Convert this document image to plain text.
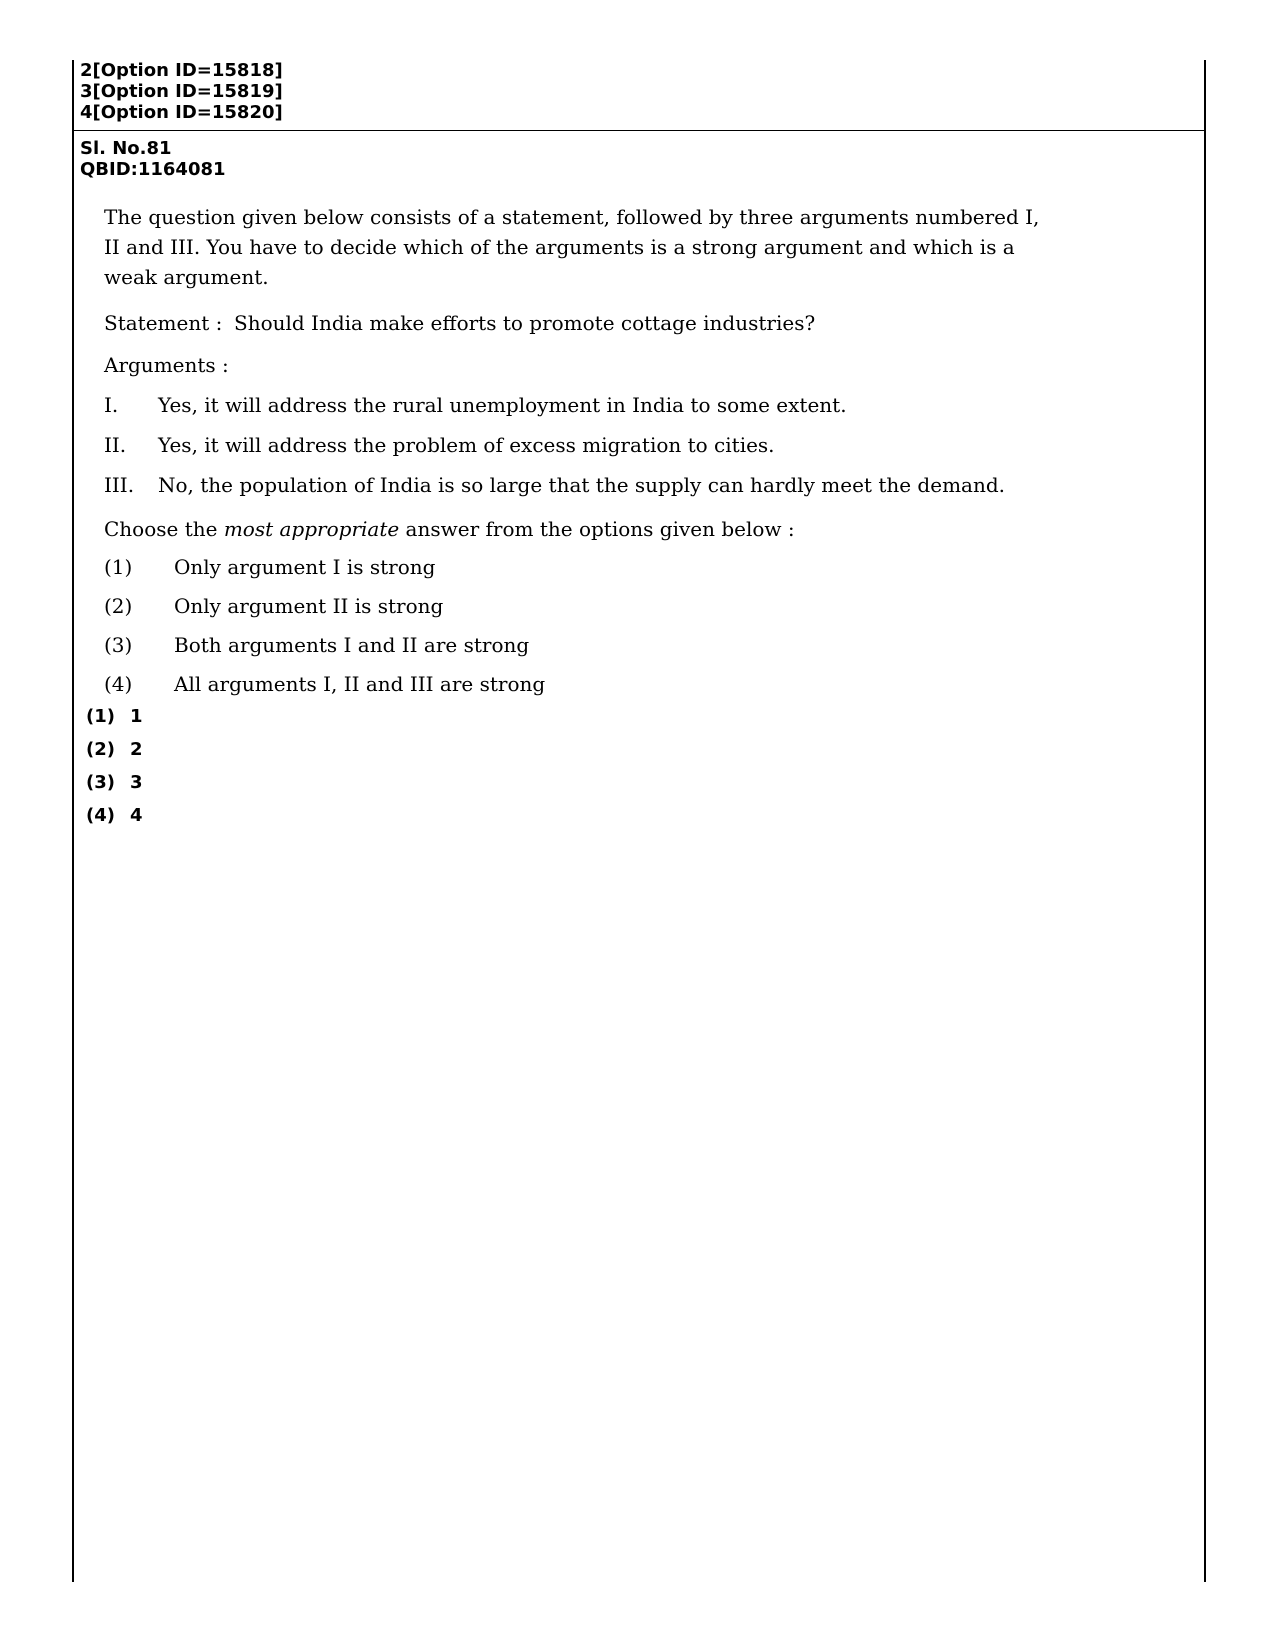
2[Option ID=15818]
3[Option ID=15819]
4[Option ID=15820]
Sl. No.81
QBID:1164081

The question given below consists of a statement, followed by three arguments numbered I, II and III. You have to decide which of the arguments is a strong argument and which is a weak argument.

Statement : Should India make efforts to promote cottage industries?

Arguments :

I.	Yes, it will address the rural unemployment in India to some extent.
II.	Yes, it will address the problem of excess migration to cities.
III.	No, the population of India is so large that the supply can hardly meet the demand.

Choose the most appropriate answer from the options given below :

(1)	Only argument I is strong
(2)	Only argument II is strong
(3)	Both arguments I and II are strong
(4)	All arguments I, II and III are strong
(1) 1
(2) 2
(3) 3
(4) 4
